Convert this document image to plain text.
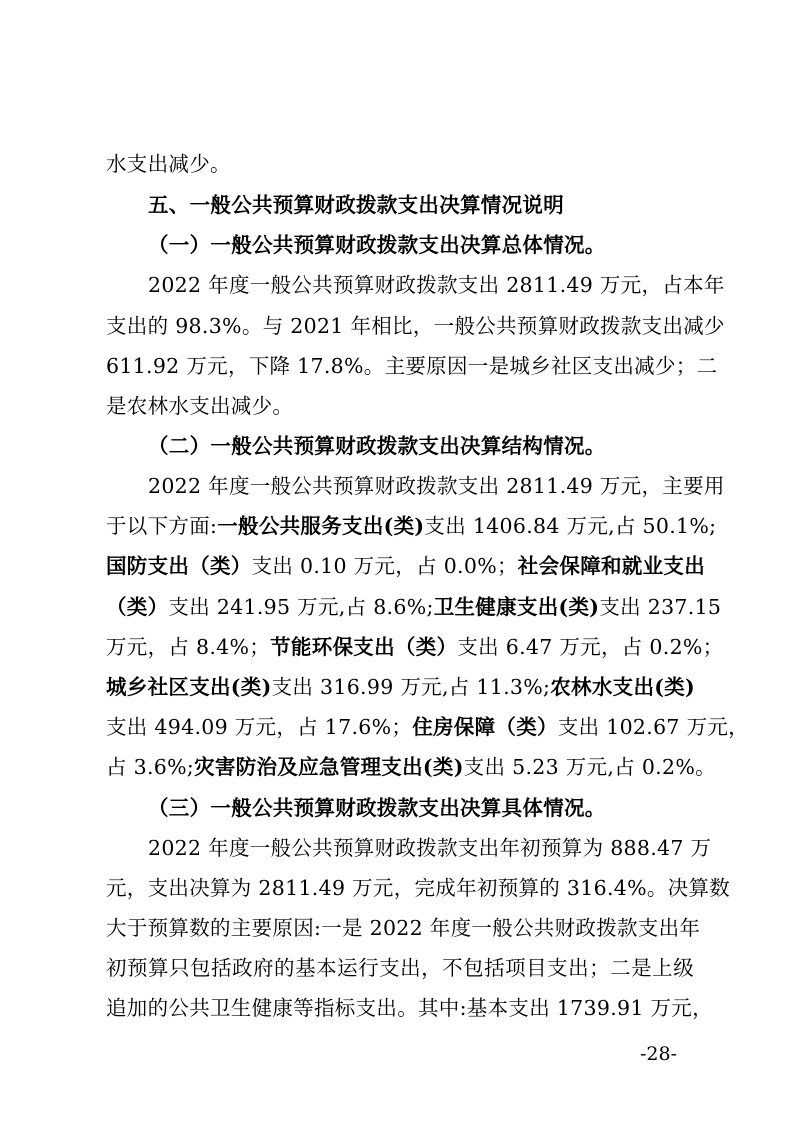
水支出减少。
五、一般公共预算财政拨款支出决算情况说明
（一）一般公共预算财政拨款支出决算总体情况。
2022 年度一般公共预算财政拨款支出 2811.49 万元，占本年
支出的 98.3%。与 2021 年相比，一般公共预算财政拨款支出减少
611.92 万元，下降 17.8%。主要原因一是城乡社区支出减少；二
是农林水支出减少。
（二）一般公共预算财政拨款支出决算结构情况。
2022 年度一般公共预算财政拨款支出 2811.49 万元，主要用
于以下方面:一般公共服务支出(类)支出 1406.84 万元,占 50.1%;
国防支出（类）支出 0.10 万元，占 0.0%；社会保障和就业支出
（类）支出 241.95 万元,占 8.6%;卫生健康支出(类)支出 237.15
万元，占 8.4%；节能环保支出（类）支出 6.47 万元，占 0.2%；
城乡社区支出(类)支出 316.99 万元,占 11.3%;农林水支出(类)
支出 494.09 万元，占 17.6%；住房保障（类）支出 102.67 万元，
占 3.6%;灾害防治及应急管理支出(类)支出 5.23 万元,占 0.2%。
（三）一般公共预算财政拨款支出决算具体情况。
2022 年度一般公共预算财政拨款支出年初预算为 888.47 万
元，支出决算为 2811.49 万元，完成年初预算的 316.4%。决算数
大于预算数的主要原因:一是 2022 年度一般公共财政拨款支出年
初预算只包括政府的基本运行支出，不包括项目支出；二是上级
追加的公共卫生健康等指标支出。其中:基本支出 1739.91 万元，
-28-
